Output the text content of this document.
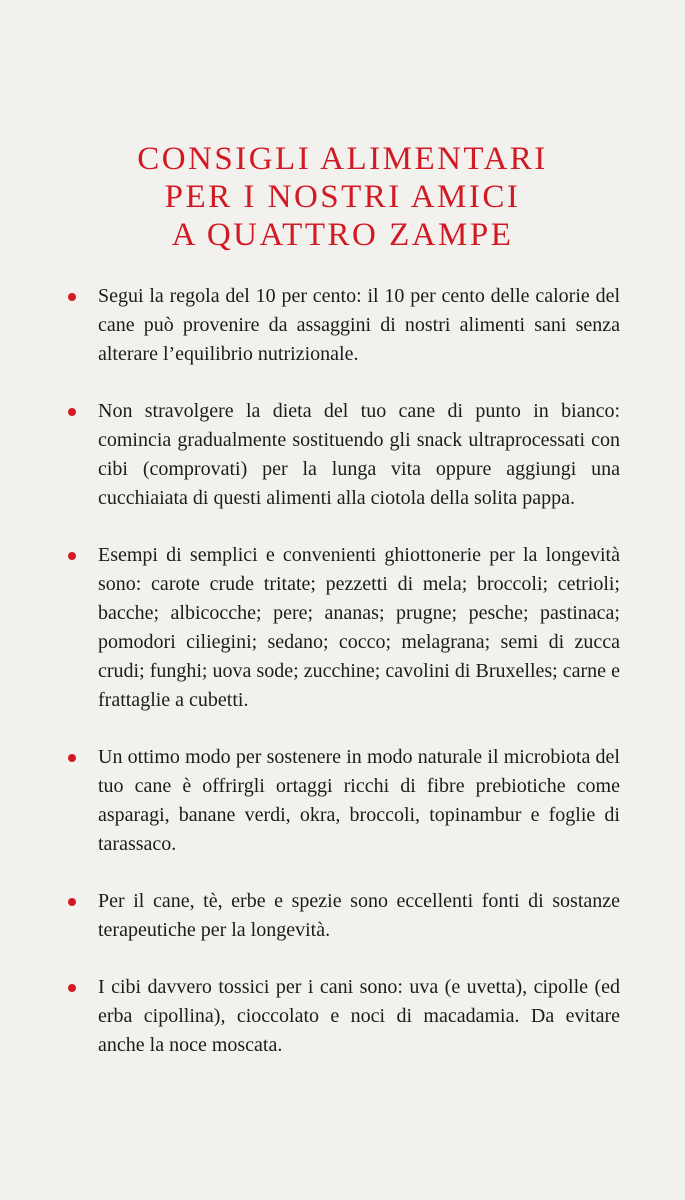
CONSIGLI ALIMENTARI
PER I NOSTRI AMICI
A QUATTRO ZAMPE
Segui la regola del 10 per cento: il 10 per cento delle calorie del cane può provenire da assaggini di nostri alimenti sani senza alterare l’equilibrio nutrizionale.
Non stravolgere la dieta del tuo cane di punto in bianco: comincia gradualmente sostituendo gli snack ultraprocessati con cibi (comprovati) per la lunga vita oppure aggiungi una cucchiaiata di questi alimenti alla ciotola della solita pappa.
Esempi di semplici e convenienti ghiottonerie per la longevità sono: carote crude tritate; pezzetti di mela; broccoli; cetrioli; bacche; albicocche; pere; ananas; prugne; pesche; pastinaca; pomodori ciliegini; sedano; cocco; melagrana; semi di zucca crudi; funghi; uova sode; zucchine; cavolini di Bruxelles; carne e frattaglie a cubetti.
Un ottimo modo per sostenere in modo naturale il microbiota del tuo cane è offrirgli ortaggi ricchi di fibre prebiotiche come asparagi, banane verdi, okra, broccoli, topinambur e foglie di tarassaco.
Per il cane, tè, erbe e spezie sono eccellenti fonti di sostanze terapeutiche per la longevità.
I cibi davvero tossici per i cani sono: uva (e uvetta), cipolle (ed erba cipollina), cioccolato e noci di macadamia. Da evitare anche la noce moscata.
